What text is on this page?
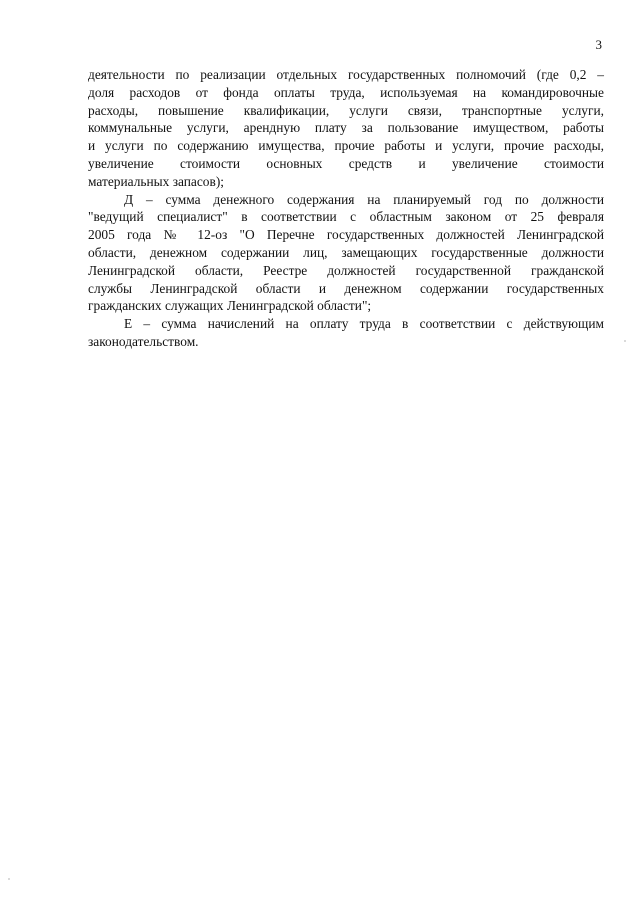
3

деятельности по реализации отдельных государственных полномочий (где 0,2 –
доля расходов от фонда оплаты труда, используемая на командировочные
расходы, повышение квалификации, услуги связи, транспортные услуги,
коммунальные услуги, арендную плату за пользование имуществом, работы
и услуги по содержанию имущества, прочие работы и услуги, прочие расходы,
увеличение стоимости основных средств и увеличение стоимости
материальных запасов);

Д – сумма денежного содержания на планируемый год по должности
"ведущий специалист" в соответствии с областным законом от 25 февраля
2005 года № 12-оз "О Перечне государственных должностей Ленинградской
области, денежном содержании лиц, замещающих государственные должности
Ленинградской области, Реестре должностей государственной гражданской
службы Ленинградской области и денежном содержании государственных
гражданских служащих Ленинградской области";

Е – сумма начислений на оплату труда в соответствии с действующим
законодательством.
